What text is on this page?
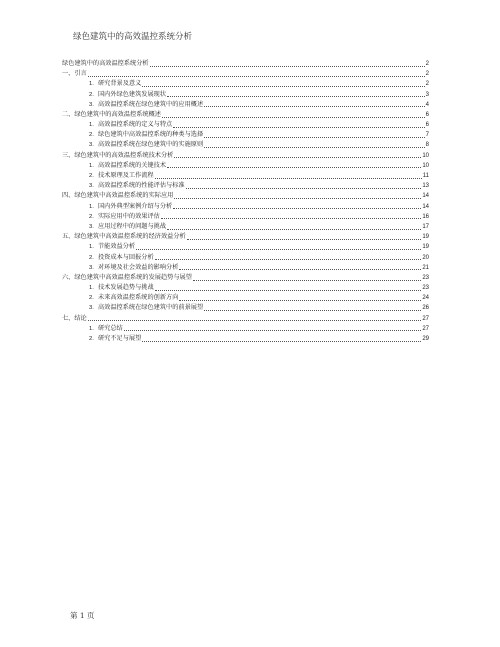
绿色建筑中的高效温控系统分析
绿色建筑中的高效温控系统分析	2
一、引言	2
1. 研究背景及意义	2
2. 国内外绿色建筑发展现状	3
3. 高效温控系统在绿色建筑中的应用概述	4
二、绿色建筑中的高效温控系统概述	6
1. 高效温控系统的定义与特点	6
2. 绿色建筑中高效温控系统的种类与选择	7
3. 高效温控系统在绿色建筑中的实施原则	8
三、绿色建筑中的高效温控系统技术分析	10
1. 高效温控系统的关键技术	10
2. 技术原理及工作流程	11
3. 高效温控系统的性能评估与标准	13
四、绿色建筑中高效温控系统的实际应用	14
1. 国内外典型案例介绍与分析	14
2. 实际应用中的效果评估	16
3. 应用过程中的问题与挑战	17
五、绿色建筑中高效温控系统的经济效益分析	19
1. 节能效益分析	19
2. 投资成本与回报分析	20
3. 对环境及社会效益的影响分析	21
六、绿色建筑中高效温控系统的发展趋势与展望	23
1. 技术发展趋势与挑战	23
2. 未来高效温控系统的创新方向	24
3. 高效温控系统在绿色建筑中的前景展望	26
七、结论	27
1. 研究总结	27
2. 研究不足与展望	29
第 1 页
